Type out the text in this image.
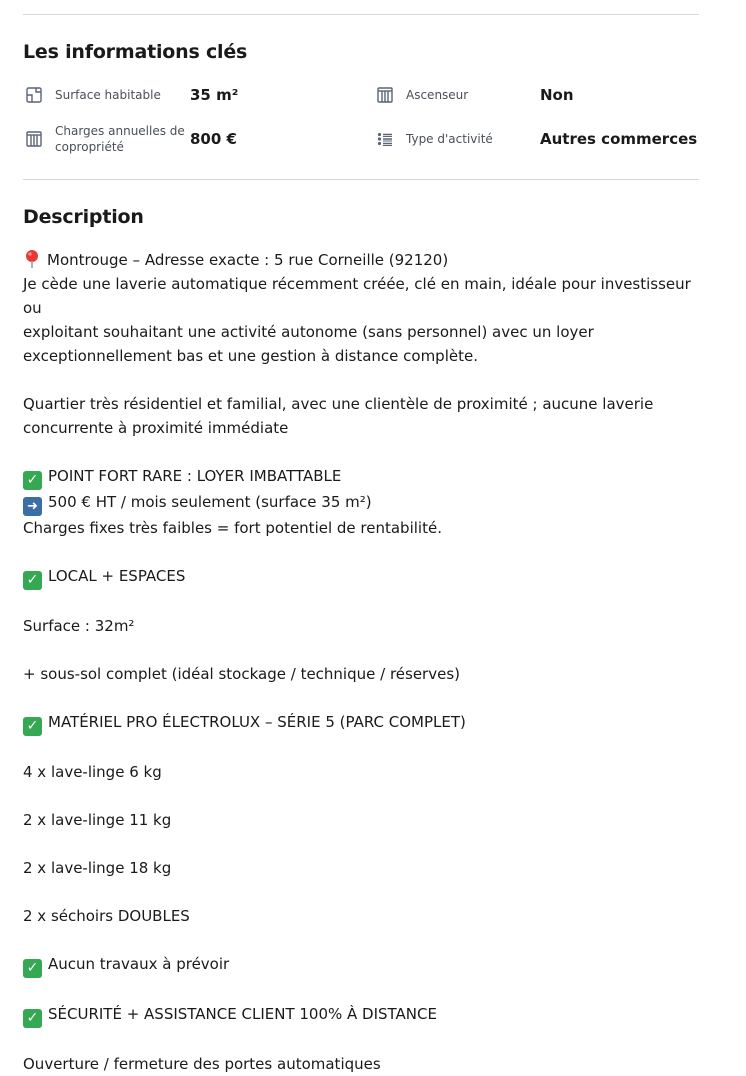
Les informations clés
Surface habitable 35 m²	Ascenseur	Non
Charges annuelles de
copropriété	800 €	Type d'activité	Autres commerces
Description

Montrouge – Adresse exacte : 5 rue Corneille (92120)

Je cède une laverie automatique récemment créée, clé en main, idéale pour investisseur ou

exploitant souhaitant une activité autonome (sans personnel) avec un loyer

exceptionnellement bas et une gestion à distance complète.

Quartier très résidentiel et familial, avec une clientèle de proximité ; aucune laverie

concurrente à proximité immédiate

✓ POINT FORT RARE : LOYER IMBATTABLE

➜ 500 € HT / mois seulement (surface 35 m²)

Charges fixes très faibles = fort potentiel de rentabilité.

✓ LOCAL + ESPACES

Surface : 32m²

+ sous-sol complet (idéal stockage / technique / réserves)

✓ MATÉRIEL PRO ÉLECTROLUX – SÉRIE 5 (PARC COMPLET)

4 x lave-linge 6 kg

2 x lave-linge 11 kg

2 x lave-linge 18 kg

2 x séchoirs DOUBLES

✓ Aucun travaux à prévoir

✓ SÉCURITÉ + ASSISTANCE CLIENT 100% À DISTANCE

Ouverture / fermeture des portes automatiques
